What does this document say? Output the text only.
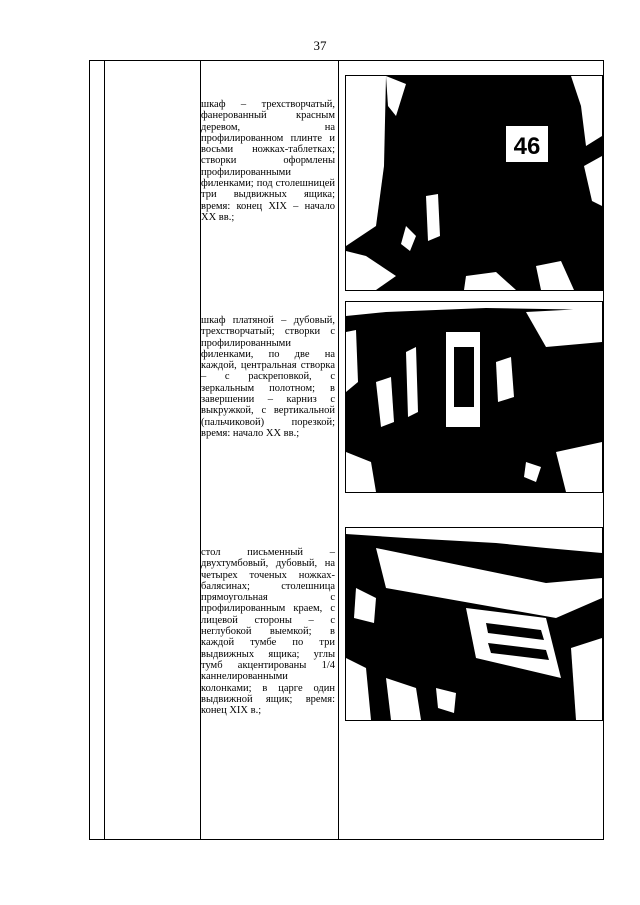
37
шкаф – трехстворчатый, фанерованный красным деревом, на профилированном плинте и восьми ножках-таблетках; створки оформлены профилированными филенками; под столешницей три выдвижных ящика; время: конец XIX – начало XX вв.;
46
шкаф платяной – дубовый, трехстворчатый; створки с профилированными филенками, по две на каждой, центральная створка – с раскреповкой, с зеркальным полотном; в завершении – карниз с выкружкой, с вертикальной (пальчиковой) порезкой; время: начало XX вв.;
стол письменный – двухтумбовый, дубовый, на четырех точеных ножках-балясинах; столешница прямоугольная с профилированным краем, с лицевой стороны – с неглубокой выемкой; в каждой тумбе по три выдвижных ящика; углы тумб акцентированы 1/4 каннелированными колонками; в царге один выдвижной ящик; время: конец XIX в.;
